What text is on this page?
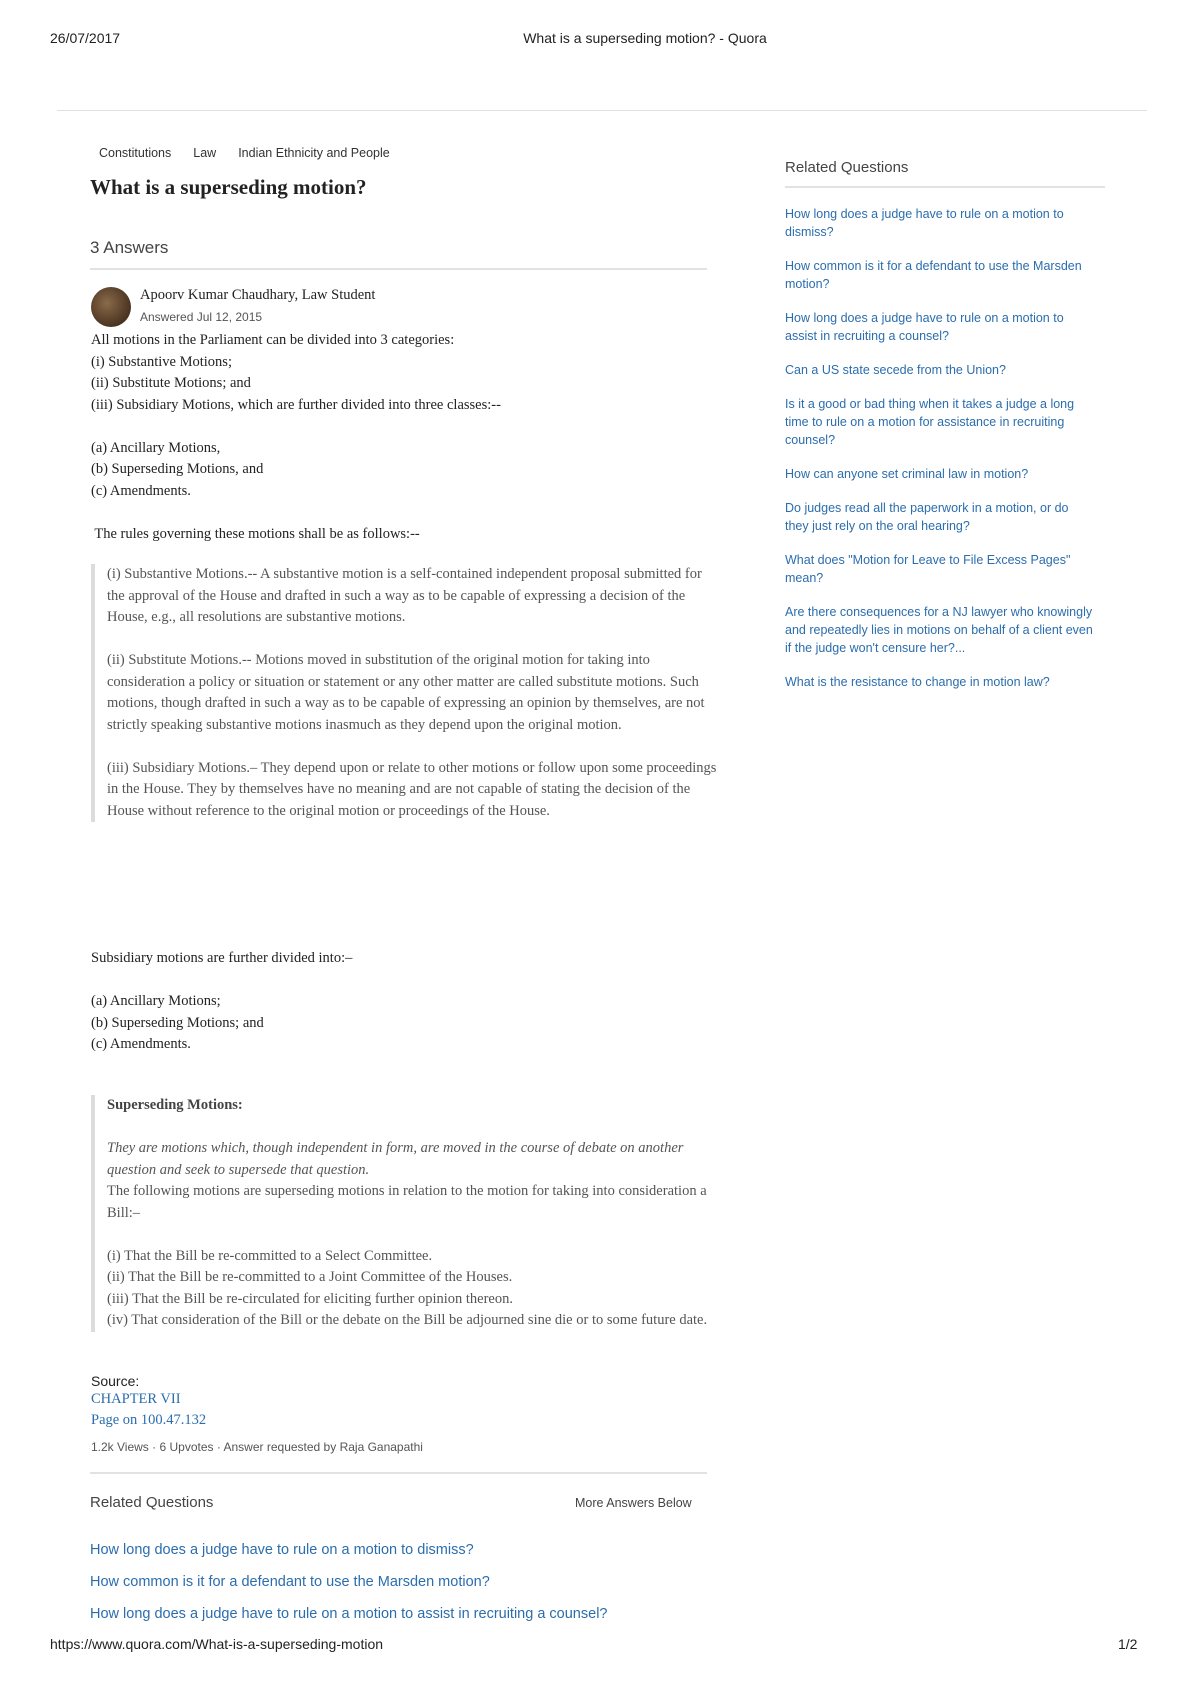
26/07/2017	What is a superseding motion? - Quora
Constitutions Law Indian Ethnicity and People
What is a superseding motion?
3 Answers
Apoorv Kumar Chaudhary, Law Student
Answered Jul 12, 2015

All motions in the Parliament can be divided into 3 categories:

(i) Substantive Motions;

(ii) Substitute Motions; and

(iii) Subsidiary Motions, which are further divided into three classes:--

(a) Ancillary Motions,

(b) Superseding Motions, and

(c) Amendments.

The rules governing these motions shall be as follows:--

(i) Substantive Motions.-- A substantive motion is a self-contained independent proposal submitted for the approval of the House and drafted in such a way as to be capable of expressing a decision of the House, e.g., all resolutions are substantive motions.

(ii) Substitute Motions.-- Motions moved in substitution of the original motion for taking into consideration a policy or situation or statement or any other matter are called substitute motions. Such motions, though drafted in such a way as to be capable of expressing an opinion by themselves, are not strictly speaking substantive motions inasmuch as they depend upon the original motion.

(iii) Subsidiary Motions.– They depend upon or relate to other motions or follow upon some proceedings in the House. They by themselves have no meaning and are not capable of stating the decision of the House without reference to the original motion or proceedings of the House.

Subsidiary motions are further divided into:–

(a) Ancillary Motions;

(b) Superseding Motions; and

(c) Amendments.

Superseding Motions:

They are motions which, though independent in form, are moved in the course of debate on another question and seek to supersede that question.

The following motions are superseding motions in relation to the motion for taking into consideration a Bill:–

(i) That the Bill be re-committed to a Select Committee.

(ii) That the Bill be re-committed to a Joint Committee of the Houses.

(iii) That the Bill be re-circulated for eliciting further opinion thereon.

(iv) That consideration of the Bill or the debate on the Bill be adjourned sine die or to some future date.

Source:
CHAPTER VII
Page on 100.47.132
1.2k Views · 6 Upvotes · Answer requested by Raja Ganapathi
Related Questions	More Answers Below
How long does a judge have to rule on a motion to dismiss?
How common is it for a defendant to use the Marsden motion?
How long does a judge have to rule on a motion to assist in recruiting a counsel?
Related Questions
How long does a judge have to rule on a motion to dismiss?
How common is it for a defendant to use the Marsden motion?
How long does a judge have to rule on a motion to assist in recruiting a counsel?
Can a US state secede from the Union?
Is it a good or bad thing when it takes a judge a long time to rule on a motion for assistance in recruiting counsel?
How can anyone set criminal law in motion?
Do judges read all the paperwork in a motion, or do they just rely on the oral hearing?
What does "Motion for Leave to File Excess Pages" mean?
Are there consequences for a NJ lawyer who knowingly and repeatedly lies in motions on behalf of a client even if the judge won't censure her?...
What is the resistance to change in motion law?
https://www.quora.com/What-is-a-superseding-motion	1/2
